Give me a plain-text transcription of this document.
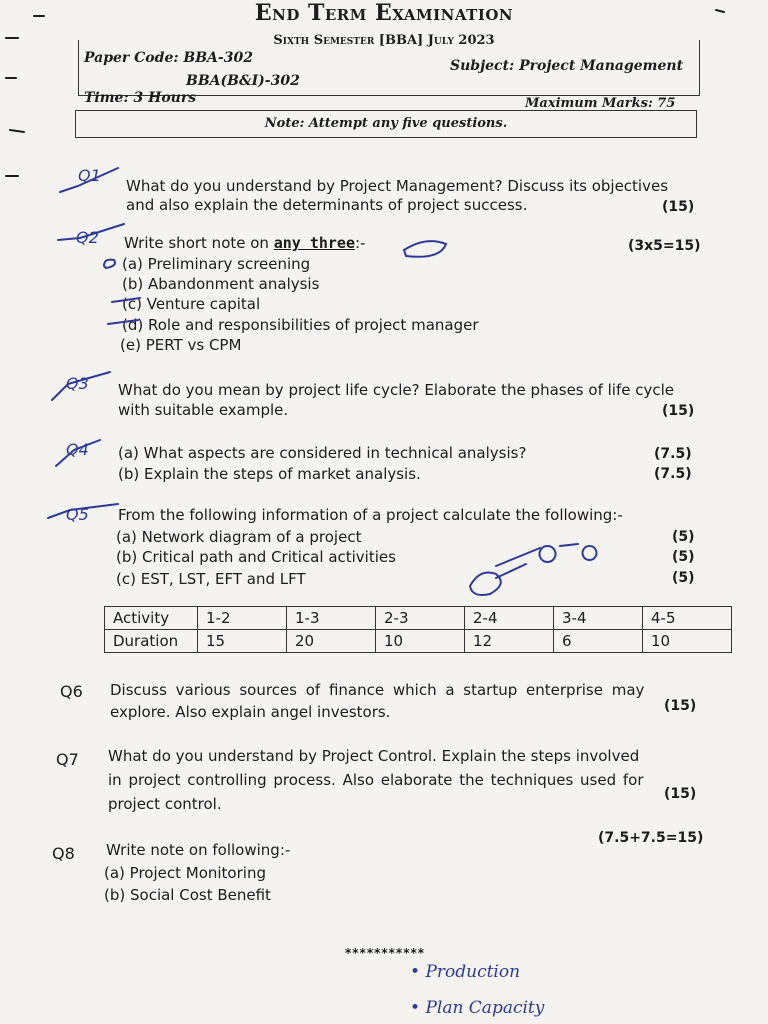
End Term Examination
Sixth Semester [BBA] July 2023
Paper Code: BBA-302
BBA(B&I)-302
Subject: Project Management
Time: 3 Hours	Maximum Marks: 75
Note: Attempt any five questions.
Q1
What do you understand by Project Management? Discuss its objectives
and also explain the determinants of project success.	(15)
Q2 Write short note on any three:-	(3x5=15)
(a) Preliminary screening
(b) Abandonment analysis
(c) Venture capital
(d) Role and responsibilities of project manager
(e) PERT vs CPM
Q3 What do you mean by project life cycle? Elaborate the phases of life cycle
with suitable example.	(15)
Q4 (a) What aspects are considered in technical analysis?	(7.5)
(b) Explain the steps of market analysis.	(7.5)
Q5 From the following information of a project calculate the following:-
(a) Network diagram of a project	(5)
(b) Critical path and Critical activities	(5)
(c) EST, LST, EFT and LFT	(5)
Activity	1-2	1-3	2-3	2-4	3-4	4-5
Duration	15	20	10	12	6	10
Q6 Discuss various sources of finance which a startup enterprise may
explore. Also explain angel investors.	(15)
Q7 What do you understand by Project Control. Explain the steps involved
in project controlling process. Also elaborate the techniques used for
project control.
(15)
Q8 Write note on following:-
(7.5+7.5=15)
(a) Project Monitoring
(b) Social Cost Benefit
***********
• Production
• Plan Capacity
